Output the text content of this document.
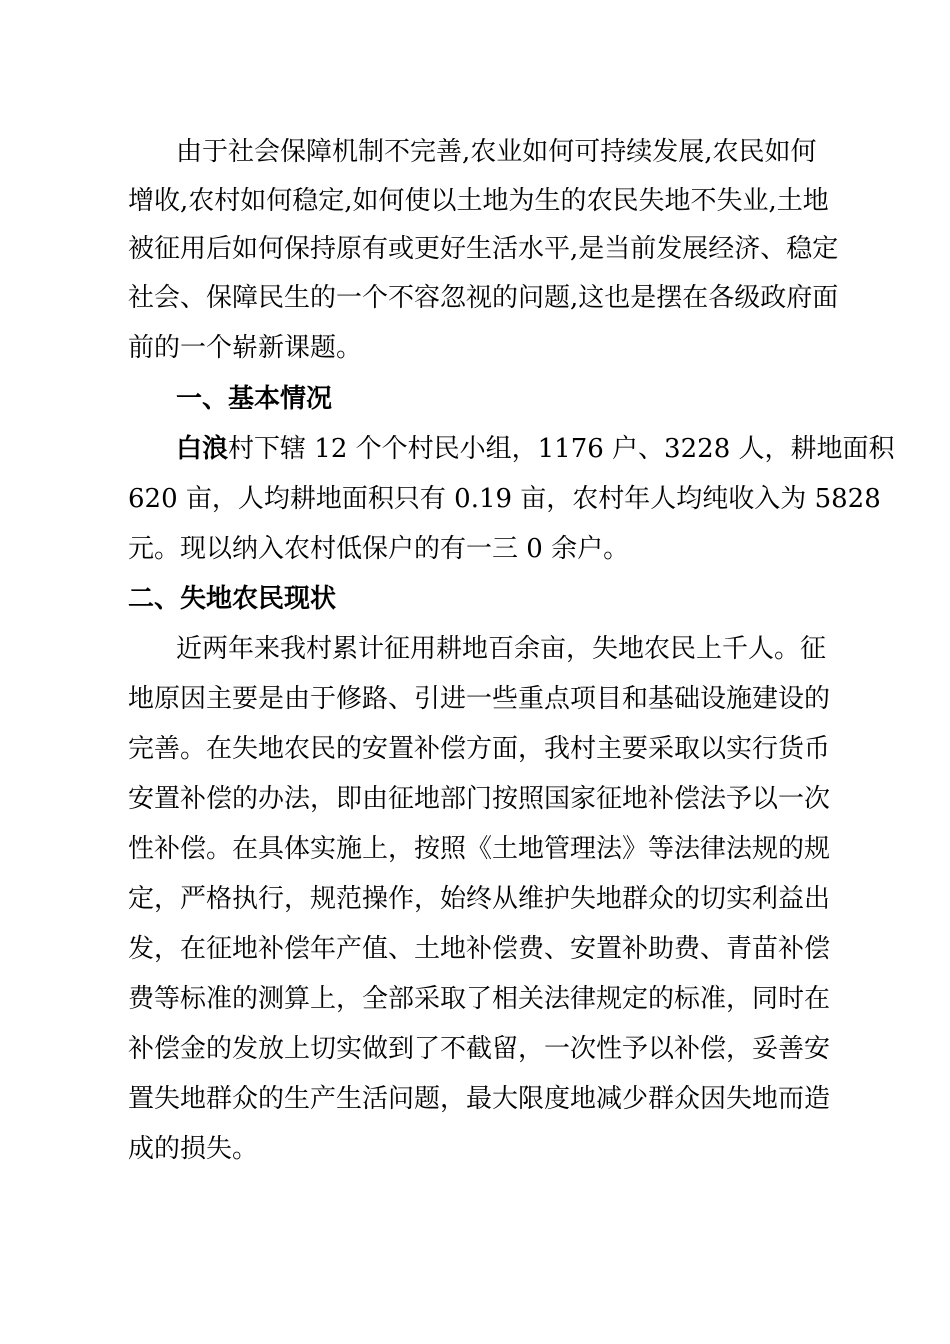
由于社会保障机制不完善,农业如何可持续发展,农民如何
增收,农村如何稳定,如何使以土地为生的农民失地不失业,土地
被征用后如何保持原有或更好生活水平,是当前发展经济、稳定
社会、保障民生的一个不容忽视的问题,这也是摆在各级政府面
前的一个崭新课题。
一、基本情况
白浪村下辖 12 个个村民小组，1176 户、3228 人，耕地面积
620 亩，人均耕地面积只有 0.19 亩，农村年人均纯收入为 5828
元。现以纳入农村低保户的有一三 0 余户。
二、失地农民现状
近两年来我村累计征用耕地百余亩，失地农民上千人。征
地原因主要是由于修路、引进一些重点项目和基础设施建设的
完善。在失地农民的安置补偿方面，我村主要采取以实行货币
安置补偿的办法，即由征地部门按照国家征地补偿法予以一次
性补偿。在具体实施上，按照《土地管理法》等法律法规的规
定，严格执行，规范操作，始终从维护失地群众的切实利益出
发，在征地补偿年产值、土地补偿费、安置补助费、青苗补偿
费等标准的测算上，全部采取了相关法律规定的标准，同时在
补偿金的发放上切实做到了不截留，一次性予以补偿，妥善安
置失地群众的生产生活问题，最大限度地减少群众因失地而造
成的损失。
